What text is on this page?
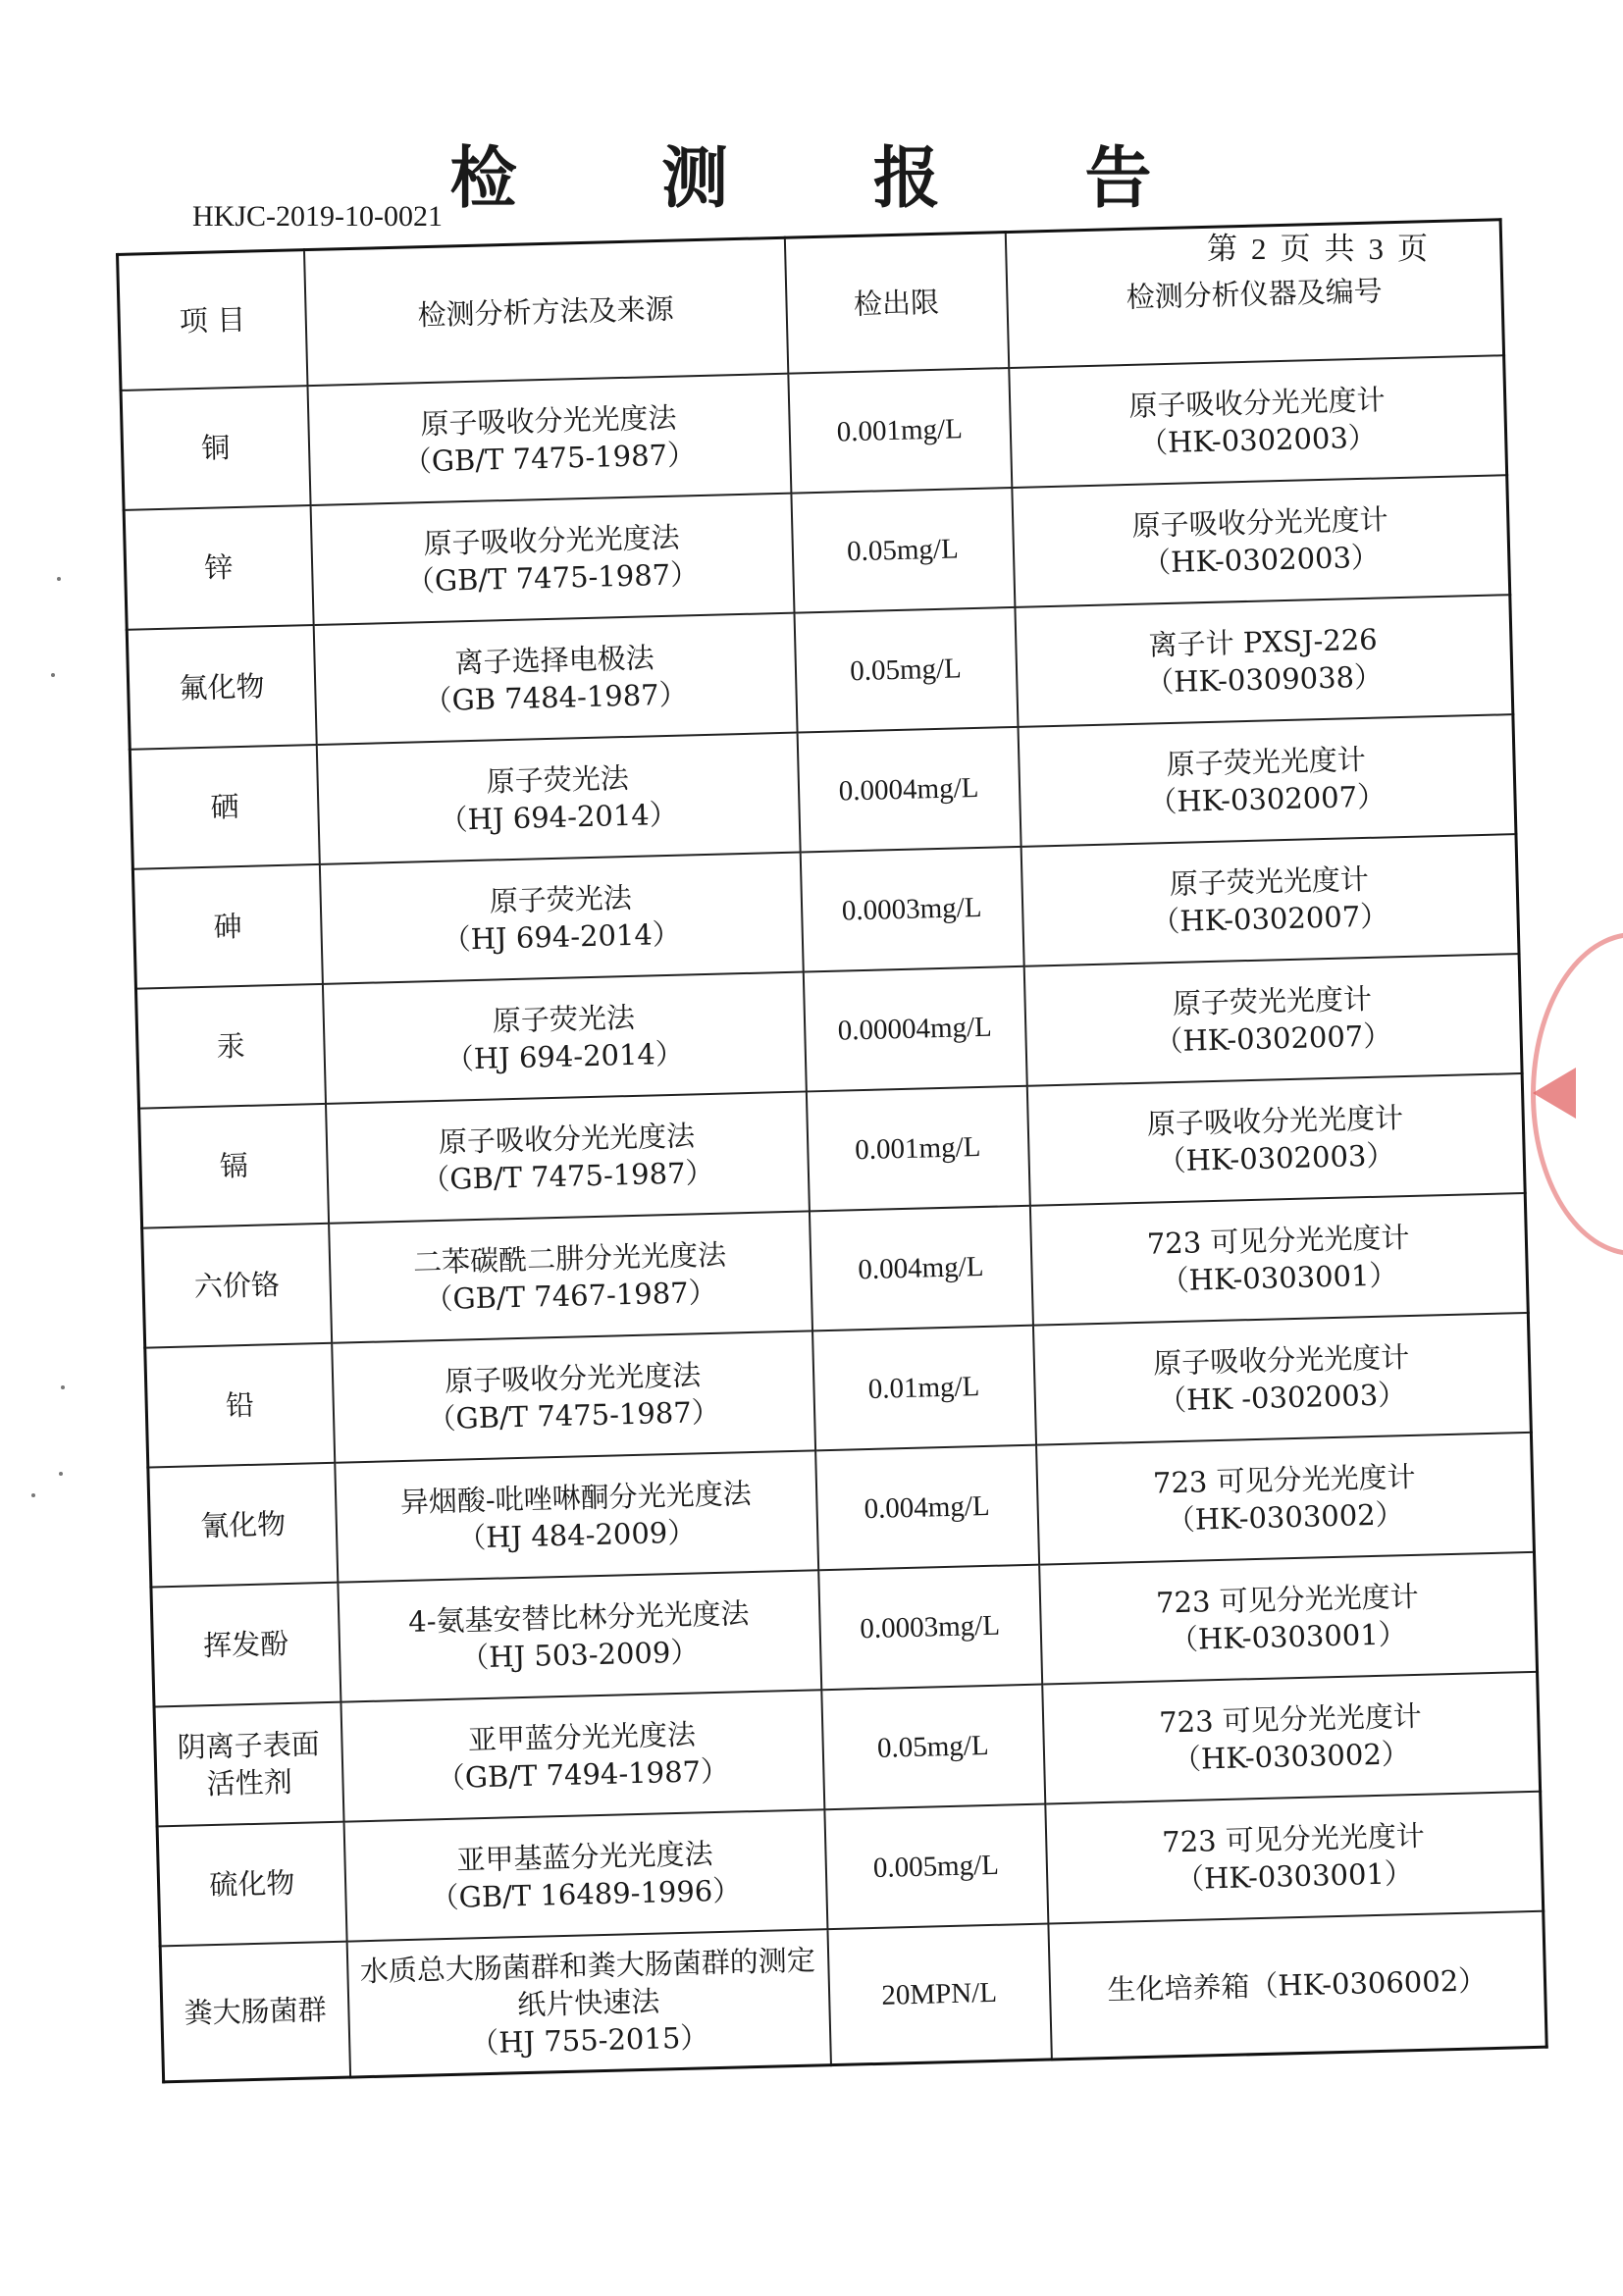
检 测 报 告
HKJC-2019-10-0021
第 2 页 共 3 页
项 目	检测分析方法及来源	检出限	检测分析仪器及编号

铜	原子吸收分光光度法
（GB/T 7475-1987）	0.001mg/L	原子吸收分光光度计
（HK-0302003）

锌	原子吸收分光光度法
（GB/T 7475-1987）	0.05mg/L	原子吸收分光光度计
（HK-0302003）

氟化物	离子选择电极法
（GB 7484-1987）	0.05mg/L	离子计 PXSJ-226
（HK-0309038）

硒	原子荧光法
（HJ 694-2014）	0.0004mg/L	原子荧光光度计
（HK-0302007）

砷	原子荧光法
（HJ 694-2014）	0.0003mg/L	原子荧光光度计
（HK-0302007）

汞	原子荧光法
（HJ 694-2014）	0.00004mg/L	原子荧光光度计
（HK-0302007）

镉	原子吸收分光光度法
（GB/T 7475-1987）	0.001mg/L	原子吸收分光光度计
（HK-0302003）

六价铬	二苯碳酰二肼分光光度法
（GB/T 7467-1987）	0.004mg/L	723 可见分光光度计
（HK-0303001）

铅	原子吸收分光光度法
（GB/T 7475-1987）	0.01mg/L	原子吸收分光光度计
（HK -0302003）

氰化物	异烟酸-吡唑啉酮分光光度法
（HJ 484-2009）	0.004mg/L	723 可见分光光度计
（HK-0303002）

挥发酚	4-氨基安替比林分光光度法
（HJ 503-2009）	0.0003mg/L	723 可见分光光度计
（HK-0303001）

阴离子表面
活性剂	亚甲蓝分光光度法
（GB/T 7494-1987）	0.05mg/L	723 可见分光光度计
（HK-0303002）

硫化物	亚甲基蓝分光光度法
（GB/T 16489-1996）	0.005mg/L	723 可见分光光度计
（HK-0303001）

粪大肠菌群	水质总大肠菌群和粪大肠菌群的测定
纸片快速法
（HJ 755-2015）	20MPN/L	生化培养箱（HK-0306002）
